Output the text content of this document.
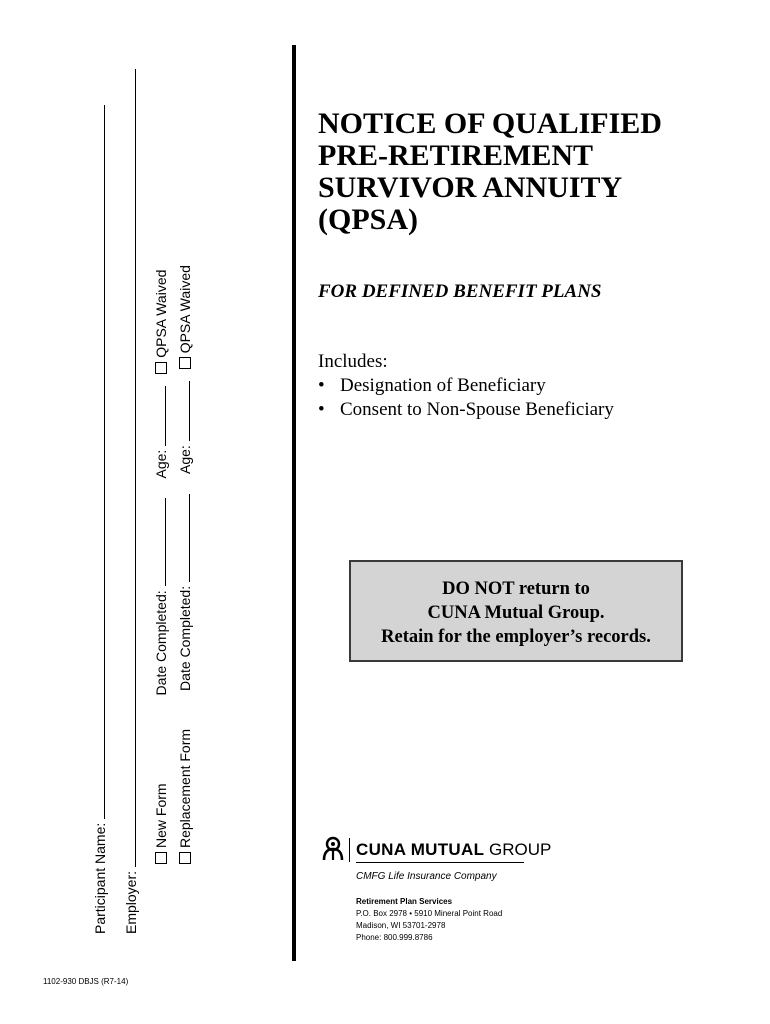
Participant Name: Employer:
New FormDate Completed: Age: QPSA Waived
Replacement FormDate Completed: Age: QPSA Waived
NOTICE OF QUALIFIED
PRE-RETIREMENT
SURVIVOR ANNUITY
(QPSA)
FOR DEFINED BENEFIT PLANS
Includes:
• Designation of Beneficiary
• Consent to Non-Spouse Beneficiary
DO NOT return to
CUNA Mutual Group.
Retain for the employer’s records.
CUNA MUTUAL GROUP
CMFG Life Insurance Company
Retirement Plan Services
P.O. Box 2978 • 5910 Mineral Point Road
Madison, WI 53701-2978
Phone: 800.999.8786
1102-930 DBJS (R7-14)
